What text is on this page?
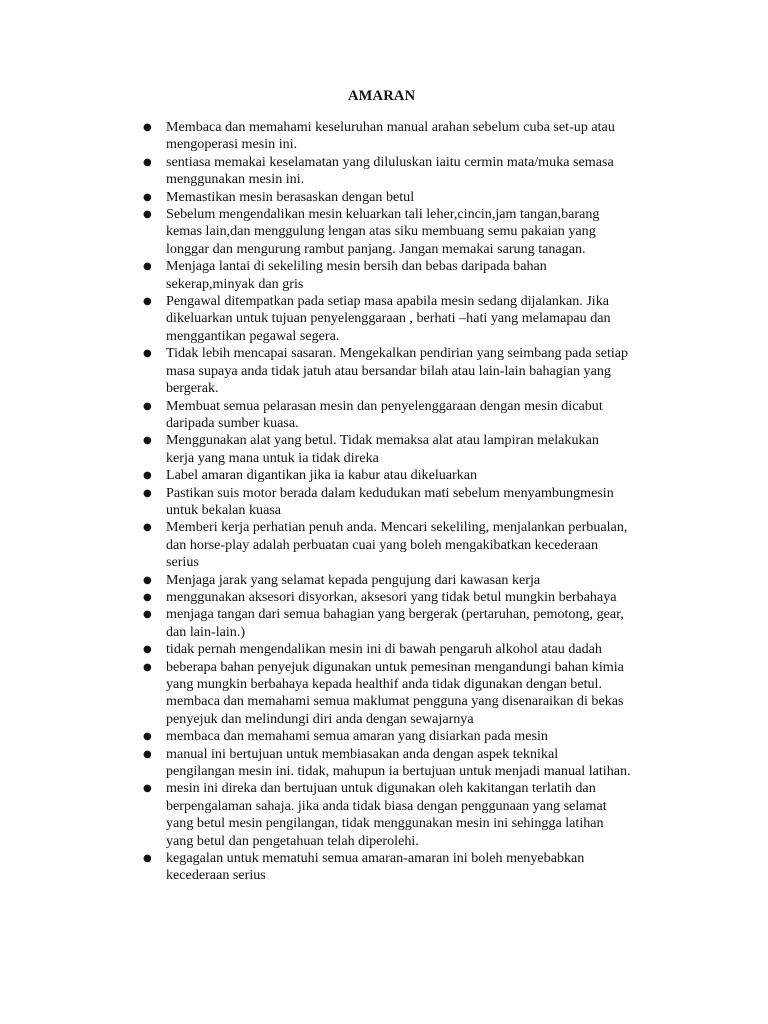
AMARAN
● Membaca dan memahami keseluruhan manual arahan sebelum cuba set-up atau
mengoperasi mesin ini.
● sentiasa memakai keselamatan yang diluluskan iaitu cermin mata/muka semasa
menggunakan mesin ini.
● Memastikan mesin berasaskan dengan betul
● Sebelum mengendalikan mesin keluarkan tali leher,cincin,jam tangan,barang
kemas lain,dan menggulung lengan atas siku membuang semu pakaian yang
longgar dan mengurung rambut panjang. Jangan memakai sarung tanagan.
● Menjaga lantai di sekeliling mesin bersih dan bebas daripada bahan
sekerap,minyak dan gris
● Pengawal ditempatkan pada setiap masa apabila mesin sedang dijalankan. Jika
dikeluarkan untuk tujuan penyelenggaraan , berhati –hati yang melamapau dan
menggantikan pegawal segera.
● Tidak lebih mencapai sasaran. Mengekalkan pendirian yang seimbang pada setiap
masa supaya anda tidak jatuh atau bersandar bilah atau lain-lain bahagian yang
bergerak.
● Membuat semua pelarasan mesin dan penyelenggaraan dengan mesin dicabut
daripada sumber kuasa.
● Menggunakan alat yang betul. Tidak memaksa alat atau lampiran melakukan
kerja yang mana untuk ia tidak direka
● Label amaran digantikan jika ia kabur atau dikeluarkan
● Pastikan suis motor berada dalam kedudukan mati sebelum menyambungmesin
untuk bekalan kuasa
● Memberi kerja perhatian penuh anda. Mencari sekeliling, menjalankan perbualan,
dan horse-play adalah perbuatan cuai yang boleh mengakibatkan kecederaan
serius
● Menjaga jarak yang selamat kepada pengujung dari kawasan kerja
● menggunakan aksesori disyorkan, aksesori yang tidak betul mungkin berbahaya
● menjaga tangan dari semua bahagian yang bergerak (pertaruhan, pemotong, gear,
dan lain-lain.)
● tidak pernah mengendalikan mesin ini di bawah pengaruh alkohol atau dadah
● beberapa bahan penyejuk digunakan untuk pemesinan mengandungi bahan kimia
yang mungkin berbahaya kepada healthif anda tidak digunakan dengan betul.
membaca dan memahami semua maklumat pengguna yang disenaraikan di bekas
penyejuk dan melindungi diri anda dengan sewajarnya
● membaca dan memahami semua amaran yang disiarkan pada mesin
● manual ini bertujuan untuk membiasakan anda dengan aspek teknikal
pengilangan mesin ini. tidak, mahupun ia bertujuan untuk menjadi manual latihan.
● mesin ini direka dan bertujuan untuk digunakan oleh kakitangan terlatih dan
berpengalaman sahaja. jika anda tidak biasa dengan penggunaan yang selamat
yang betul mesin pengilangan, tidak menggunakan mesin ini sehingga latihan
yang betul dan pengetahuan telah diperolehi.
● kegagalan untuk mematuhi semua amaran-amaran ini boleh menyebabkan
kecederaan serius
